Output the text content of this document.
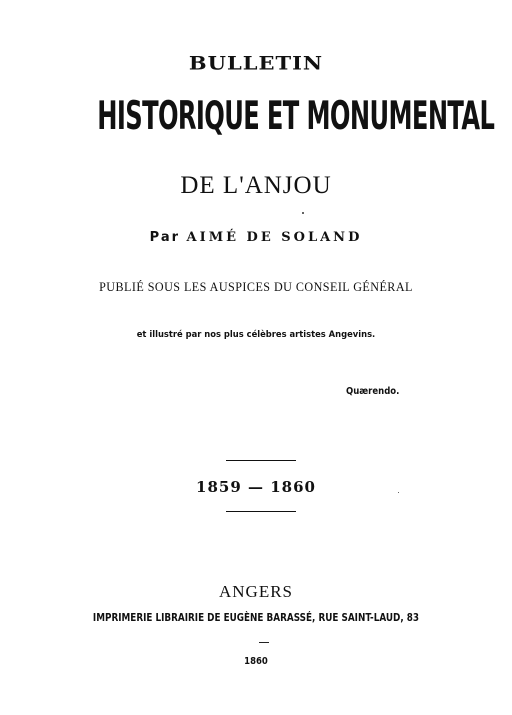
BULLETIN
HISTORIQUE ET MONUMENTAL
DE L'ANJOU
Par AIMÉ DE SOLAND
PUBLIÉ SOUS LES AUSPICES DU CONSEIL GÉNÉRAL
et illustré par nos plus célèbres artistes Angevins.
Quærendo.
1859 — 1860
ANGERS
IMPRIMERIE LIBRAIRIE DE EUGÈNE BARASSÉ, RUE SAINT-LAUD, 83
1860
